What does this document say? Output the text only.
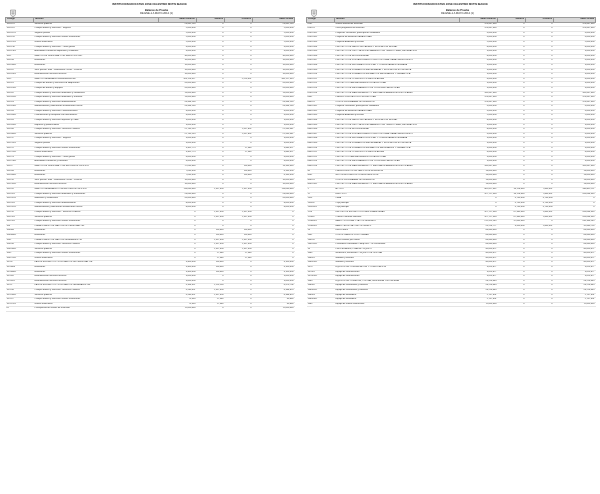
INSTITUCION EDUCATIVA JOSE CELESTINO MUTIS IBAGUE
Balance de Prueba
DE ENE-1 A MAYO-2014 (1)
Código	Nombre	Saldo Anterior	Débitos	Créditos	Saldo Actual
1011101	Servicios públicos	23,832,150	0	0	23,832,150
1021110	Compra Bienes y Servicios - Seguros	2,000,000	0	0	2,000,000
10211101	Seguros pólizas	2,000,000	0	0	2,000,000
1021120	Compra Bienes y Servicios Gastos Financieros	2,000,000	0	0	2,000,000
10211201	Gastos financieros	2,000,000	0	0	2,000,000
1021130	Compra Bienes y Servicios - Otros gastos	4,000,000	0	0	4,000,000
10211301	Actividades científicas deportivas y culturales	4,000,000	0	0	4,000,000
1021	GASTOS DE PERSONAL POR SERVICIOS IND.	30,000,000	0	0	30,000,000
102108	Honorarios	10,000,000	0	0	10,000,000
10210801	Honorarios	10,000,000	0	0	10,000,000
102110	Serv. person. Indir - Remunerac. Estuc. Técnicos	10,000,000	0	0	10,000,000
10211001	Remuneración servicios técnicos	10,000,000	0	0	10,000,000
1022	GASTOS GENERALES transferencias del	163,126,317	0	2,225,051	160,127,553
102201	Compra de Bienes y Servicios Ed. Adquisición	20,000,000	0	0	20,000,000
10220101	Compra de Bienes y Equipos	20,000,000	0	0	20,000,000
102202	Compra Bienes y Servicios Materiales y suministros	15,000,000	0	0	15,000,000
10220201	Compra Bienes y Servicios Materiales y Suminist.	15,000,000	0	0	15,000,000
102203	Compra Bienes y Servicios Mantenimiento	26,444,200	0	0	26,444,200
10220301	Mantenimiento y adecuación Instalaciones físicas	26,444,200	0	0	26,444,200
102204	Compra Bienes y Servicios Comunicaciones	4,000,000	0	0	4,000,000
10220401	Comunicación y transporte con telecomunic.	4,000,000	0	0	4,000,000
102205	Compra Bienes y Servicios Impresos y Public.	3,000,000	0	0	3,000,000
10220501	Impresos y publicaciones	3,000,000	0	0	3,000,000
102206	Compra Bienes y Servicios -Servicios Públicos	22,743,253	0	1,207,892	21,535,361
10220601	Servicios públicos	22,743,253	0	1,207,892	21,535,361
102211	Compra Bienes y Servicios - Seguros	3,000,000	0	0	3,000,000
10221101	Seguros pólizas	3,000,000	0	0	3,000,000
102212	Compra Bienes y Servicios Gastos Financieros	3,902,773	0	17,346	3,885,427
10221201	Gastos financieros	3,902,773	0	17,346	3,885,427
102213	Compra Bienes y Servicios - Otros gastos	4,000,000	0	0	4,000,000
10221301	Actividades científicas y culturales	4,000,000	0	0	4,000,000
10222	GASTOS DE PERSONAL CON RECURSOS PROPIOS	17,035,000	0	700,000	16,335,000
102208	Honorarios	7,035,000	0	700,000	6,335,000
10220801	Honorarios	7,035,000	0	700,000	6,335,000
102210	Serv. person. Indir - Remunerac. Estuc. Técnicos	10,000,000	0	0	10,000,000
10221001	Remuneración servicios técnicos	10,000,000	0	0	10,000,000
102220	GASTOS GENERALES CON RECURSOS PROPIOS	116,040,000	1,107,903	1,107,903	116,040,000
1022201	Compra Bienes y Servicios Materiales y Suministros	24,040,000	0	0	24,040,000
10222011	Materiales y suministros	20,000,000	0	0	20,000,000
1022202	Compra Bienes y Servicios Mantenimiento	8,000,000	0	0	8,000,000
10222021	Mantenimiento y adecuación instalaciones físicas	8,000,000	0	0	8,000,000
102210	Compra Bienes y Servicios - Servicios Públicos	0	1,107,903	1,107,903	0
1022101	Servicios públicos	0	1,107,903	1,107,903	0
1022102	Compra Bienes y Servicios Gastos Financieros	0	0	0	0
103	CREACIONES POR GASTOS DE PERSONAL OB.	0	0	0	0
103008	Honorarios	0	700,000	700,000	0
10300801	Honorarios	0	700,000	700,000	0
1031	CREACIONES POR GASTOS GENERALES OB	0	1,107,903	1,107,903	0
103106	Compra Bienes y Servicios -Servicios Públicos	0	1,107,903	1,107,903	0
10310601	Servicios públicos	0	1,107,903	1,107,903	0
1032	Compra Bienes y Servicios Gastos Financieros	0	17,346	17,346	0
10321201	Gastos financieros	0	17,346	17,346	0
10702	PAGOS EN EFECTIVO POR GASTOS DE PERSONAL OB.	3,400,000	700,000	0	4,100,000
1070008	Honorarios	3,400,000	700,000	0	4,100,000
10700801	Honorarios	3,400,000	700,000	0	4,100,000
107020	Remuneración servicios técnicos	3,000,000	0	0	3,000,000
1070201	Remuneración servicios técnicos	3,000,000	0	0	3,000,000
10711	PAGOS EN EFECTIVO POR GASTOS GENERALES OB.	5,354,457	1,125,249	0	6,479,706
107106	Compra Bienes y Servicios -Servicios Públicos	5,280,907	1,107,903	0	6,388,810
10710601	Servicios públicos	5,280,907	1,107,903	0	6,388,810
107112	Compra Bienes y Servicios Gastos Financieros	73,550	17,346	0	90,896
10711201	Gastos financieros	73,550	17,346	0	90,896
81	Presupuesto de Gastos de Inversión	11,000,000	0	0	11,000,000
INSTITUCION EDUCATIVA JOSE CELESTINO MUTIS IBAGUE
Balance de Prueba
DE ENE-1 A MAYO-2014 (1)
Código	Nombre	Saldo Anterior	Débitos	Créditos	Saldo Actual
8101	Gastos Educación Inversión	123,837,000	0	0	123,837,000
810101	Otros programas de inversión	123,837,000	0	0	123,837,000
81010101	Proyectos Desarrollo, participación ciudadana	5,000,000	0	0	5,000,000
81010102	Proyecto de bienestar PARA HOGAR	5,000,000	0	0	5,000,000
81010103	Proyecto Ambiental y Escolar	2,000,000	0	0	2,000,000
81010104	PROYECTO DE SALUD DE PADRES Y EDUCACIÓN SEXUAL	8,000,000	0	0	8,000,000
81010105	PROYECTO DE USO Y APROVECHAMIENTO DE TIEMPO LIBRE, RECREACIÓN	3,000,000	0	0	3,000,000
81010106	PROYECTO DE BIODIVERSIDAD	8,000,000	0	0	8,000,000
81010107	PROYECTO DE FORTALECIMIENTO INSTITUCIONAL PARA PRESUPUESTO	5,000,000	0	0	5,000,000
81010108	PROYECTO DE INFORMACIÓN SOCIAL Y COMUNITARIA INTEGRADA	3,000,000	0	0	3,000,000
81010109	PROYECTO DE FORMACIÓN EMPRESARIAL Y EDUCACIÓN ECONÓMICA	3,000,000	0	0	3,000,000
81010110	PROYECTO DE FORMACIÓN EN HABITOS SALUDABLES Y GIMNÁSTICA	3,000,000	0	0	3,000,000
81010111	PROYECTO DE CONSTRUCCIONES DE AULAS	4,000,000	0	0	4,000,000
81010112	PROYECTO PLANTA A LA BIBLIOTECA ESCOLAR	3,000,000	0	0	3,000,000
81010113	PROYECTO DE MEJORAMIENTO DE CONVIVENCIA ESCOLAR	3,000,000	0	0	3,000,000
81010114	PROYECTO DE MANTENIMIENTO Y MEJORA DE AMBIENTES ESCOLARES	100,837,000	0	0	100,837,000
8901	PRESUP. EDUCACIÓN POR EJECUTAR	123,837,000	0	0	123,837,000
890101	OTROS PROGRAMAS DE INVERSIÓN	123,837,000	0	0	123,837,000
89010101	Proyecto Desarrollo, participación ciudadana	5,000,000	0	0	5,000,000
89010102	Proyecto de bienestar PARA HOGAR	5,000,000	0	0	5,000,000
89010103	Proyecto Ambiental y Escolar	2,000,000	0	0	2,000,000
89010104	PROYECTO DE SALUD DE PADRES Y EDUCACIÓN SEXUAL	8,000,000	0	0	8,000,000
89010105	PROYECTO DE USO Y APROVECHAMIENTO DE TIEMPO LIBRE, RECREACIÓN	3,000,000	0	0	3,000,000
89010106	PROYECTO DE BIODIVERSIDAD	8,000,000	0	0	8,000,000
89010107	PROYECTO DE FORTALECIMIENTO INSTITUCIONAL PARA PRESUPUESTO	5,000,000	0	0	5,000,000
89010108	PROYECTO DE INFORMACIÓN SOCIAL Y COMUNITARIA INTEGRADA	3,000,000	0	0	3,000,000
89010109	PROYECTO DE FORMACIÓN EMPRESARIAL Y EDUCACIÓN ECONÓMICA	3,000,000	0	0	3,000,000
89010110	PROYECTO DE FORMACIÓN EN HABITOS SALUDABLES Y GIMNÁSTICA	3,000,000	0	0	3,000,000
89010111	PROYECTO DE CONSTRUCCIONES DE AULAS	4,000,000	0	0	4,000,000
89010112	PROYECTO PLANTA A LA BIBLIOTECA ESCOLAR	3,000,000	0	0	3,000,000
89010113	PROYECTO DE MEJORAMIENTO DE CONVIVENCIA ESCOLAR	3,000,000	0	0	3,000,000
89010114	PROYECTO DE MANTENIMIENTO Y MEJORA DE AMBIENTES ESCOLARES	100,837,000	0	0	100,837,000
90	PRESUPUESTOS DE GASTOS DE INVERSIÓN	14,000,000	0	0	14,000,000
9001	MOTOR EDUCACIÓN COMPROMISOS DE	14,000,000	0	0	14,000,000
900101	OTROS PROGRAMAS DE INVERSIÓN	14,000,000	0	0	14,000,000
90010101	PROYECTO DE MANTENIMIENTO Y MEJORA DE AMBIENTES ESCOLARES	14,000,000	0	0	14,000,000
1	ACTIVO	462,817,492	53,118,000	7,865,051	408,087,111
11	EFECTIVO	327,727,594	53,118,000	7,865,051	295,044,395
1105	CAJA	0	5,735,000	5,735,000	0
110501	Caja principal	0	5,735,000	5,735,000	0
11050101	Caja principal	0	5,735,000	5,735,000	0
1110	DEPÓSITOS EN INSTITUCIONES FINANCIERAS	327,727,594	47,383,000	1,865,051	295,044,395
111005	Cuenta Corriente Nacional	327,727,594	47,383,000	1,865,051	295,044,395
11100501	BANCO POPULAR CTA CTE 460003614	212,513,245	37,833,000	0	250,346,245
11100502	BANCO BOGOTA CTA CTE 44568 3	25,214,777	9,550,000	1,865,051	32,899,726
14	DEUDORES	44,830,000	0	0	44,830,000
1401	OTROS CARGOS POR COBRAR	44,830,000	0	0	44,830,000
140102	Otras cuentas por cobrar	44,830,000	0	0	44,830,000
14010201	Préstamos concedidos Comp Ines - Lo Personalizó	44,830,000	0	0	44,830,000
16	PROPIEDADES, PLANTA Y EQUIPO	90,000,971	0	0	90,000,971
1665	MUEBLES, ENSERES Y EQUIPO DE OFICINA	90,000,971	0	0	90,000,971
166501	Muebles y enseres	90,000,971	0	0	90,000,971
16650101	Muebles y enseres	90,000,971	0	0	90,000,971
1670	EQUIPOS DE COMUNICACIÓN Y COMPUTACIÓN	3,615,677	0	0	3,615,677
167001	Equipo de comunicación	3,615,677	0	0	3,615,677
16700101	Equipo de comunicación	3,615,677	0	0	3,615,677
1680	EQUIPOS DE COMEDOR, COCINA, DESPENSA Y HOTELERÍA	28,216,449	0	0	28,216,449
168002	Equipo de restaurante y cafetería	28,216,449	0	0	28,216,449
16800201	Equipo de restaurante y cafetería	28,216,449	0	0	28,216,449
168003	Equipo de lavandería	2,757,601	0	0	2,757,601
16800301	Equipo de lavandería	2,757,601	0	0	2,757,601
1683	Equipo de huerta institucional	11,003,000	0	0	11,003,000
